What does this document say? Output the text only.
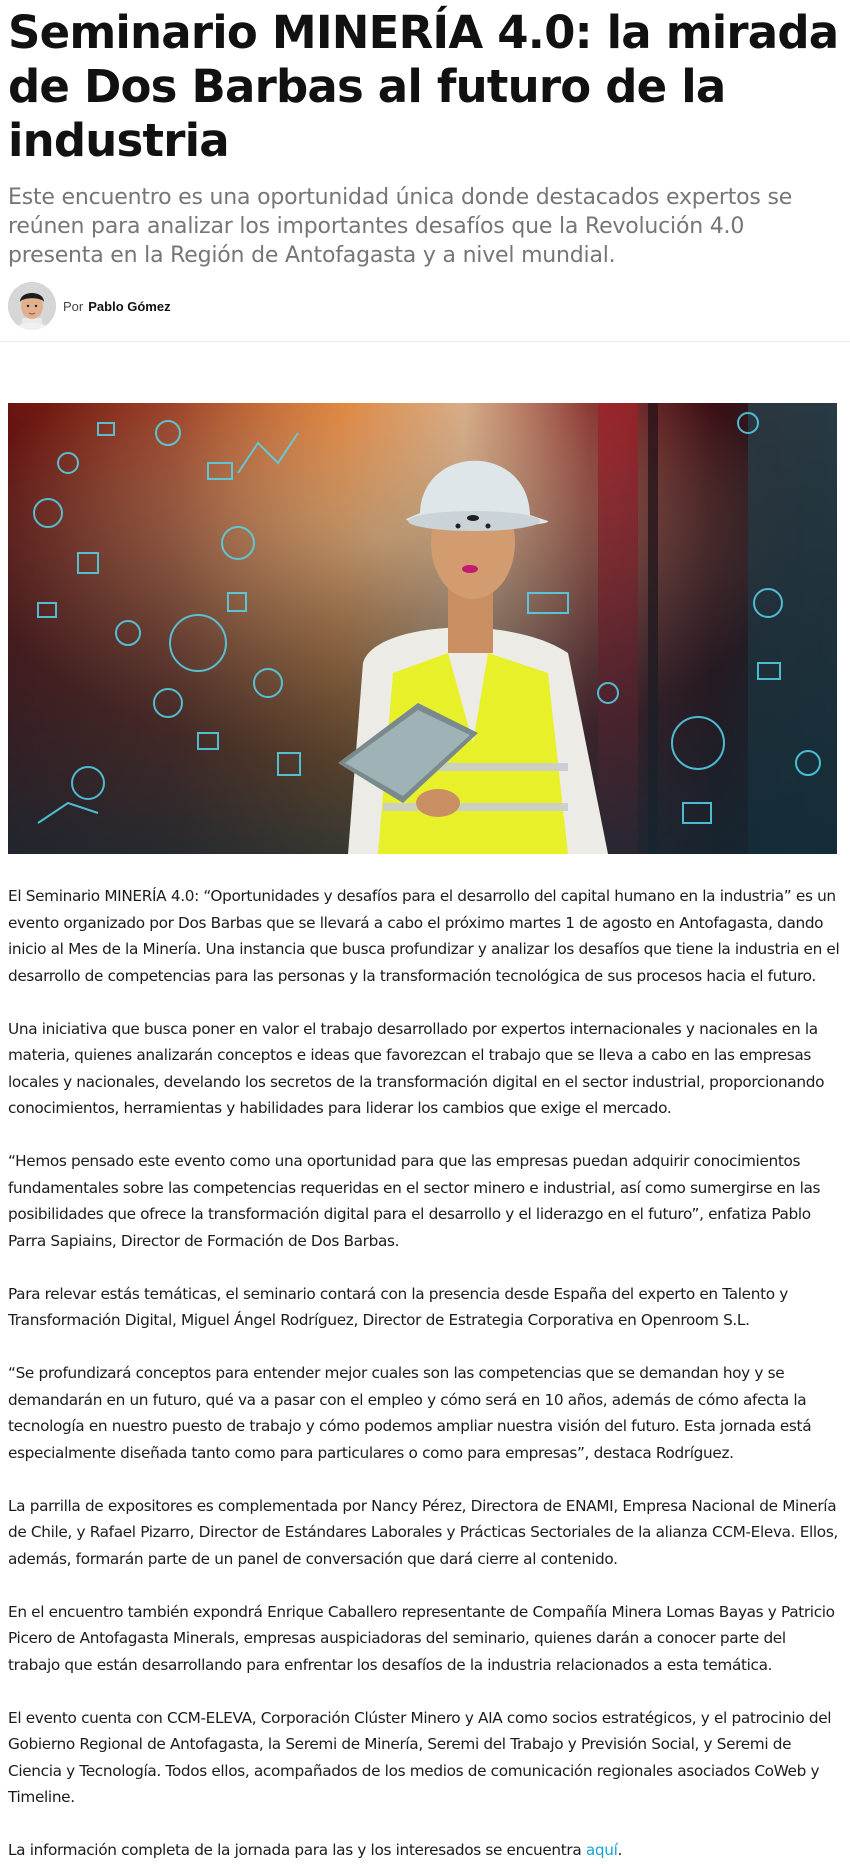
Seminario MINERÍA 4.0: la mirada de Dos Barbas al futuro de la industria

Este encuentro es una oportunidad única donde destacados expertos se reúnen para analizar los importantes desafíos que la Revolución 4.0 presenta en la Región de Antofagasta y a nivel mundial.

Por Pablo Gómez

El Seminario MINERÍA 4.0: “Oportunidades y desafíos para el desarrollo del capital humano en la industria” es un evento organizado por Dos Barbas que se llevará a cabo el próximo martes 1 de agosto en Antofagasta, dando inicio al Mes de la Minería. Una instancia que busca profundizar y analizar los desafíos que tiene la industria en el desarrollo de competencias para las personas y la transformación tecnológica de sus procesos hacia el futuro.

Una iniciativa que busca poner en valor el trabajo desarrollado por expertos internacionales y nacionales en la materia, quienes analizarán conceptos e ideas que favorezcan el trabajo que se lleva a cabo en las empresas locales y nacionales, develando los secretos de la transformación digital en el sector industrial, proporcionando conocimientos, herramientas y habilidades para liderar los cambios que exige el mercado.

“Hemos pensado este evento como una oportunidad para que las empresas puedan adquirir conocimientos fundamentales sobre las competencias requeridas en el sector minero e industrial, así como sumergirse en las posibilidades que ofrece la transformación digital para el desarrollo y el liderazgo en el futuro”, enfatiza Pablo Parra Sapiains, Director de Formación de Dos Barbas.

Para relevar estás temáticas, el seminario contará con la presencia desde España del experto en Talento y Transformación Digital, Miguel Ángel Rodríguez, Director de Estrategia Corporativa en Openroom S.L.

“Se profundizará conceptos para entender mejor cuales son las competencias que se demandan hoy y se demandarán en un futuro, qué va a pasar con el empleo y cómo será en 10 años, además de cómo afecta la tecnología en nuestro puesto de trabajo y cómo podemos ampliar nuestra visión del futuro. Esta jornada está especialmente diseñada tanto como para particulares o como para empresas”, destaca Rodríguez.

La parrilla de expositores es complementada por Nancy Pérez, Directora de ENAMI, Empresa Nacional de Minería de Chile, y Rafael Pizarro, Director de Estándares Laborales y Prácticas Sectoriales de la alianza CCM-Eleva. Ellos, además, formarán parte de un panel de conversación que dará cierre al contenido.

En el encuentro también expondrá Enrique Caballero representante de Compañía Minera Lomas Bayas y Patricio Picero de Antofagasta Minerals, empresas auspiciadoras del seminario, quienes darán a conocer parte del trabajo que están desarrollando para enfrentar los desafíos de la industria relacionados a esta temática.

El evento cuenta con CCM-ELEVA, Corporación Clúster Minero y AIA como socios estratégicos, y el patrocinio del Gobierno Regional de Antofagasta, la Seremi de Minería, Seremi del Trabajo y Previsión Social, y Seremi de Ciencia y Tecnología. Todos ellos, acompañados de los medios de comunicación regionales asociados CoWeb y Timeline.

La información completa de la jornada para las y los interesados se encuentra aquí.
